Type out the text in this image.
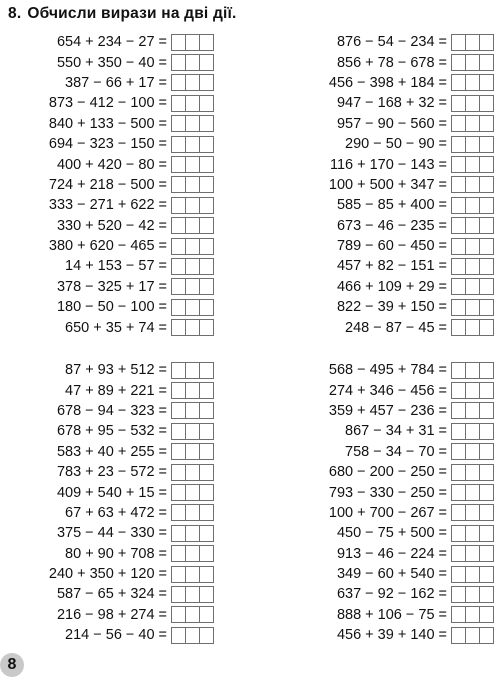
8. Обчисли вирази на дві дії.
654 + 234 − 27 =
550 + 350 − 40 =
387 − 66 + 17 =
873 − 412 − 100 =
840 + 133 − 500 =
694 − 323 − 150 =
400 + 420 − 80 =
724 + 218 − 500 =
333 − 271 + 622 =
330 + 520 − 42 =
380 + 620 − 465 =
14 + 153 − 57 =
378 − 325 + 17 =
180 − 50 − 100 =
650 + 35 + 74 =
876 − 54 − 234 =
856 + 78 − 678 =
456 − 398 + 184 =
947 − 168 + 32 =
957 − 90 − 560 =
290 − 50 − 90 =
116 + 170 − 143 =
100 + 500 + 347 =
585 − 85 + 400 =
673 − 46 − 235 =
789 − 60 − 450 =
457 + 82 − 151 =
466 + 109 + 29 =
822 − 39 + 150 =
248 − 87 − 45 =
87 + 93 + 512 =
47 + 89 + 221 =
678 − 94 − 323 =
678 + 95 − 532 =
583 + 40 + 255 =
783 + 23 − 572 =
409 + 540 + 15 =
67 + 63 + 472 =
375 − 44 − 330 =
80 + 90 + 708 =
240 + 350 + 120 =
587 − 65 + 324 =
216 − 98 + 274 =
214 − 56 − 40 =
568 − 495 + 784 =
274 + 346 − 456 =
359 + 457 − 236 =
867 − 34 + 31 =
758 − 34 − 70 =
680 − 200 − 250 =
793 − 330 − 250 =
100 + 700 − 267 =
450 − 75 + 500 =
913 − 46 − 224 =
349 − 60 + 540 =
637 − 92 − 162 =
888 + 106 − 75 =
456 + 39 + 140 =
8
